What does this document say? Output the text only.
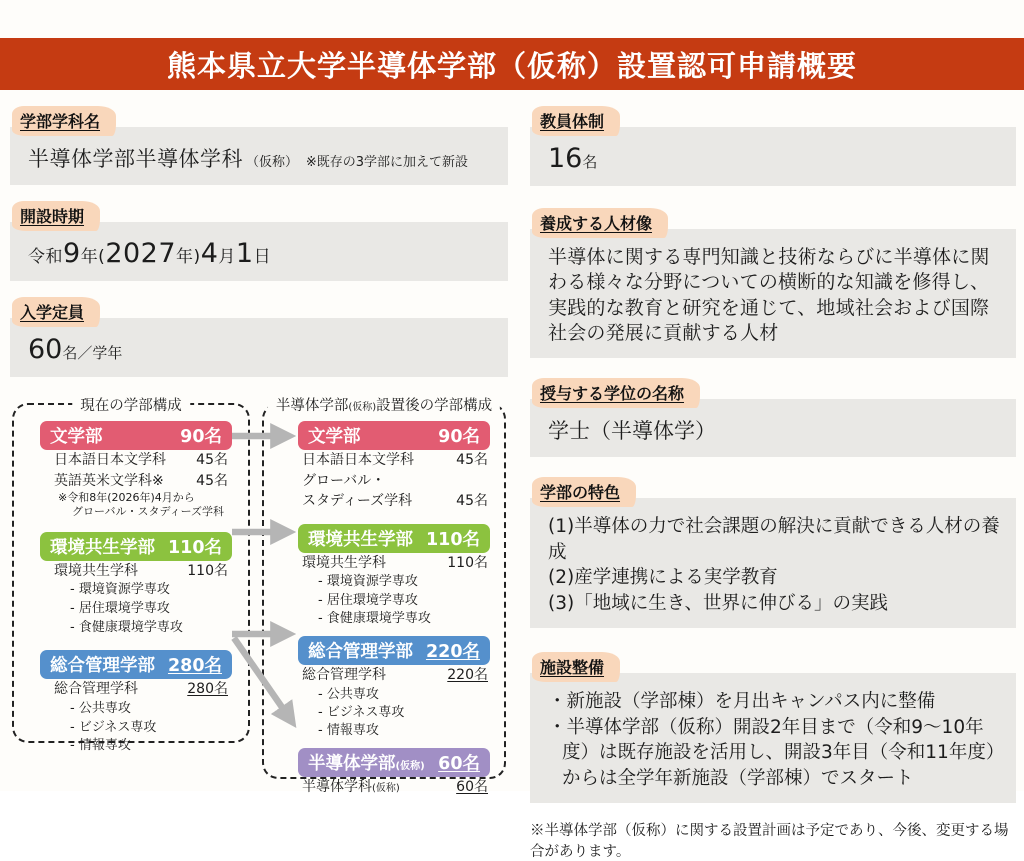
熊本県立大学半導体学部（仮称）設置認可申請概要
学部学科名
半導体学部半導体学科 （仮称） ※既存の3学部に加えて新設
開設時期
令和9年(2027年)4月1日
入学定員
60名／学年
現在の学部構成
文学部	90名
日本語日本文学科 45名
英語英米文学科※ 45名
※令和8年(2026年)4月から
グローバル・スタディーズ学科
環境共生学部 110名
環境共生学科	110名
- 環境資源学専攻
- 居住環境学専攻
- 食健康環境学専攻
総合管理学部 280名
総合管理学科	280名
- 公共専攻
- ビジネス専攻
- 情報専攻
半導体学部(仮称)設置後の学部構成
文学部	90名
日本語日本文学科	45名
グローバル・
スタディーズ学科	45名
環境共生学部 110名
環境共生学科	110名
- 環境資源学専攻
- 居住環境学専攻
- 食健康環境学専攻
総合管理学部 220名
総合管理学科	220名
- 公共専攻
- ビジネス専攻
- 情報専攻
半導体学部(仮称) 60名
半導体学科(仮称)	60名
教員体制
16名
養成する人材像
半導体に関する専門知識と技術ならびに半導体に関わる様々な分野についての横断的な知識を修得し、実践的な教育と研究を通じて、地域社会および国際社会の発展に貢献する人材
授与する学位の名称
学士（半導体学）
学部の特色
(1)半導体の力で社会課題の解決に貢献できる人材の養成
(2)産学連携による実学教育
(3)「地域に生き、世界に伸びる」の実践
施設整備
・新施設（学部棟）を月出キャンパス内に整備
・半導体学部（仮称）開設2年目まで（令和9～10年度）は既存施設を活用し、開設3年目（令和11年度）からは全学年新施設（学部棟）でスタート
※半導体学部（仮称）に関する設置計画は予定であり、今後、変更する場合があります。
